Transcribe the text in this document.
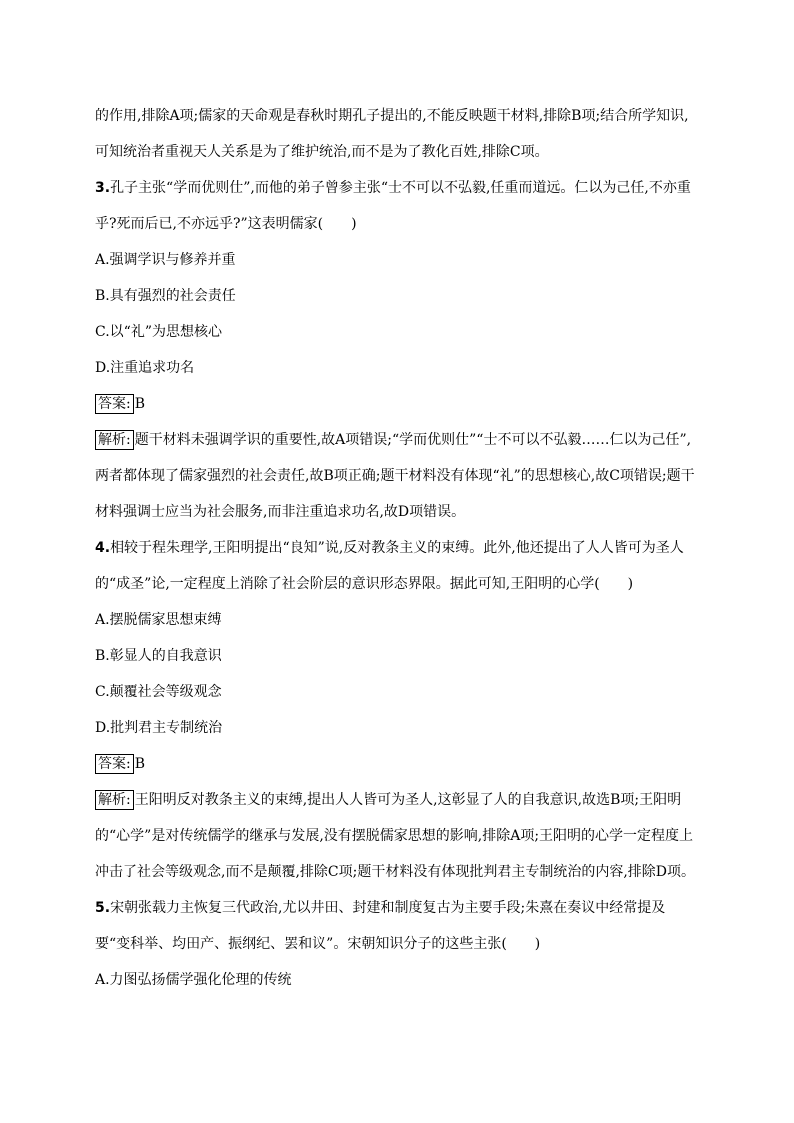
的作用,排除A项;儒家的天命观是春秋时期孔子提出的,不能反映题干材料,排除B项;结合所学知识,可知统治者重视天人关系是为了维护统治,而不是为了教化百姓,排除C项。

3.孔子主张“学而优则仕”,而他的弟子曾参主张“士不可以不弘毅,任重而道远。仁以为己任,不亦重乎?死而后已,不亦远乎?”这表明儒家(　　)

A.强调学识与修养并重

B.具有强烈的社会责任

C.以“礼”为思想核心

D.注重追求功名

答案: B

解析: 题干材料未强调学识的重要性,故A项错误;“学而优则仕”“士不可以不弘毅……仁以为己任”,两者都体现了儒家强烈的社会责任,故B项正确;题干材料没有体现“礼”的思想核心,故C项错误;题干材料强调士应当为社会服务,而非注重追求功名,故D项错误。

4.相较于程朱理学,王阳明提出“良知”说,反对教条主义的束缚。此外,他还提出了人人皆可为圣人的“成圣”论,一定程度上消除了社会阶层的意识形态界限。据此可知,王阳明的心学(　　)

A.摆脱儒家思想束缚

B.彰显人的自我意识

C.颠覆社会等级观念

D.批判君主专制统治

答案: B

解析: 王阳明反对教条主义的束缚,提出人人皆可为圣人,这彰显了人的自我意识,故选B项;王阳明的“心学”是对传统儒学的继承与发展,没有摆脱儒家思想的影响,排除A项;王阳明的心学一定程度上冲击了社会等级观念,而不是颠覆,排除C项;题干材料没有体现批判君主专制统治的内容,排除D项。

5.宋朝张载力主恢复三代政治,尤以井田、封建和制度复古为主要手段;朱熹在奏议中经常提及要“变科举、均田产、振纲纪、罢和议”。宋朝知识分子的这些主张(　　)

A.力图弘扬儒学强化伦理的传统
